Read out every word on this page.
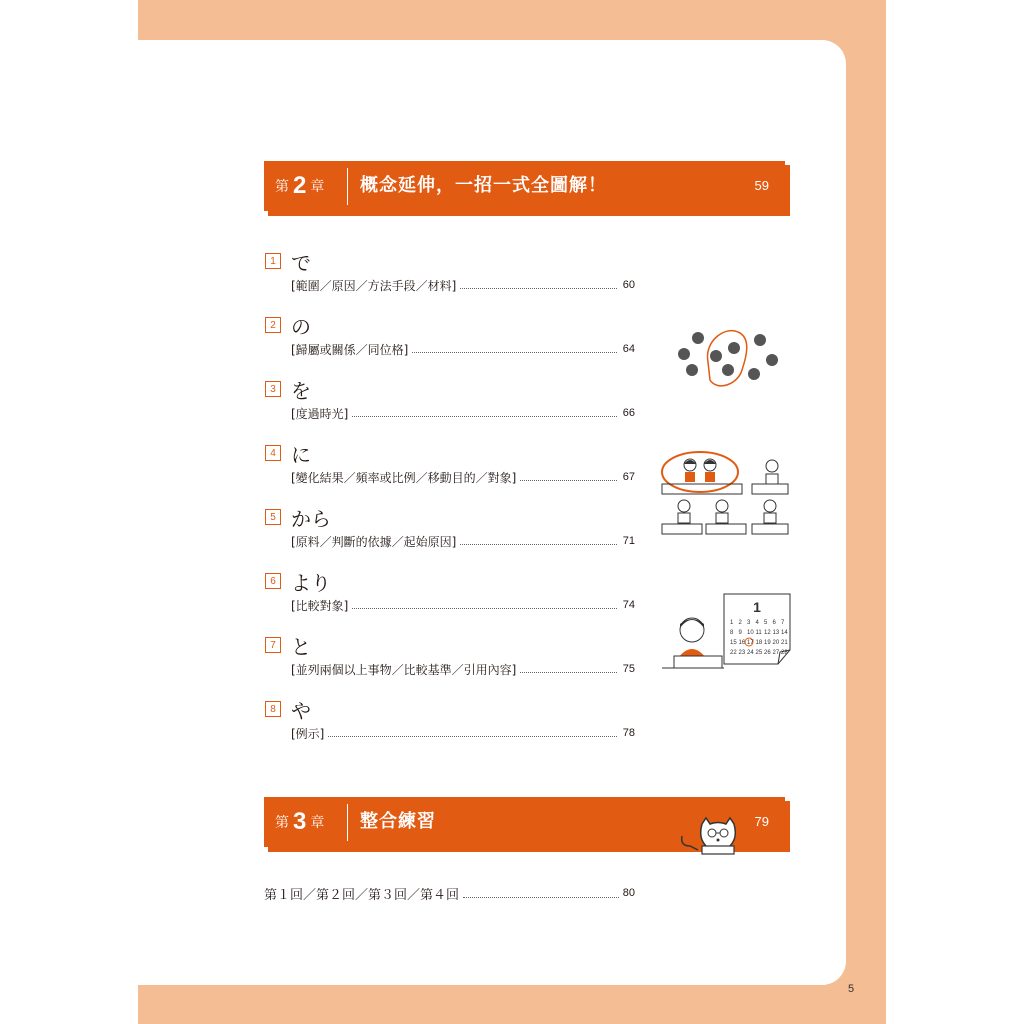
第 2 章 概念延伸，一招一式全圖解！	59
1 で
[範圍／原因／方法手段／材料]	60
2 の
[歸屬或關係／同位格]	64
3 を
[度過時光]	66
4 に
[變化結果／頻率或比例／移動目的／對象]	67
5 から
[原料／判斷的依據／起始原因]	71
6 より
[比較對象]	74
7 と
[並列兩個以上事物／比較基準／引用內容]	75
8 や
[例示]	78
第 3 章 整合練習	79
第１回／第２回／第３回／第４回	80
1
1 2 3 4 5 6 7
8 9 10 11 12 13 14
15 16 17 18 19 20 21
22 23 24 25 26 27 28
5
